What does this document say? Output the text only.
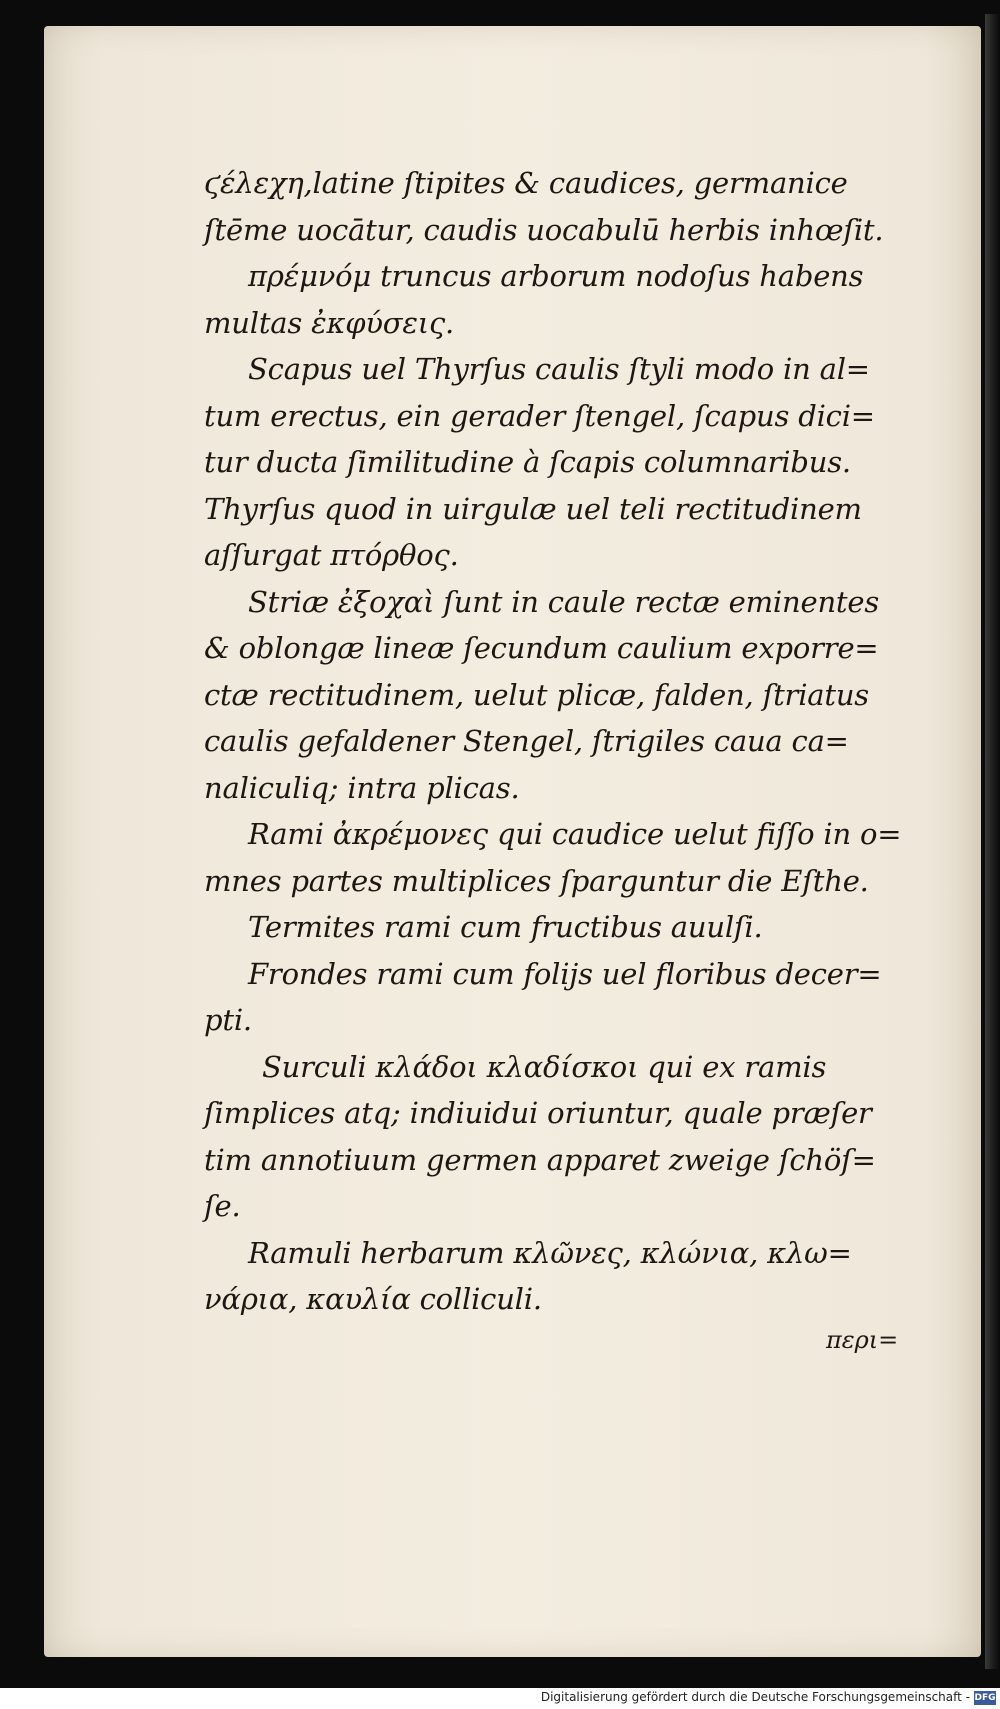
ϛέλεχη,latine ſtipites & caudices, germanice
ſtēme uocātur, caudis uocabulū herbis inhœſit.
πρέμνόμ truncus arborum nodoſus habens
multas ἐκφύσεις.
Scapus uel Thyrſus caulis ſtyli modo in al=
tum erectus, ein gerader ſtengel, ſcapus dici=
tur ducta ſimilitudine à ſcapis columnaribus.
Thyrſus quod in uirgulæ uel teli rectitudinem
aſſurgat πτόρθος.
Striæ ἐξοχαὶ ſunt in caule rectæ eminentes
& oblongæ lineæ ſecundum caulium exporre=
ctæ rectitudinem, uelut plicæ, falden, ſtriatus
caulis gefaldener Stengel, ſtrigiles caua ca=
naliculiq; intra plicas.
Rami ἀκρέμονες qui caudice uelut fiſſo in o=
mnes partes multiplices ſparguntur die Eſthe.
Termites rami cum fructibus auulſi.
Frondes rami cum folijs uel floribus decer=
pti.
Surculi κλάδοι κλαδίσκοι qui ex ramis
ſimplices atq; indiuidui oriuntur, quale præſer
tim annotiuum germen apparet zweige ſchöſ=
ſe.
Ramuli herbarum κλῶνες, κλώνια, κλω=
νάρια, καυλία colliculi.
περι=
Digitalisierung gefördert durch die Deutsche Forschungsgemeinschaft - DFG
